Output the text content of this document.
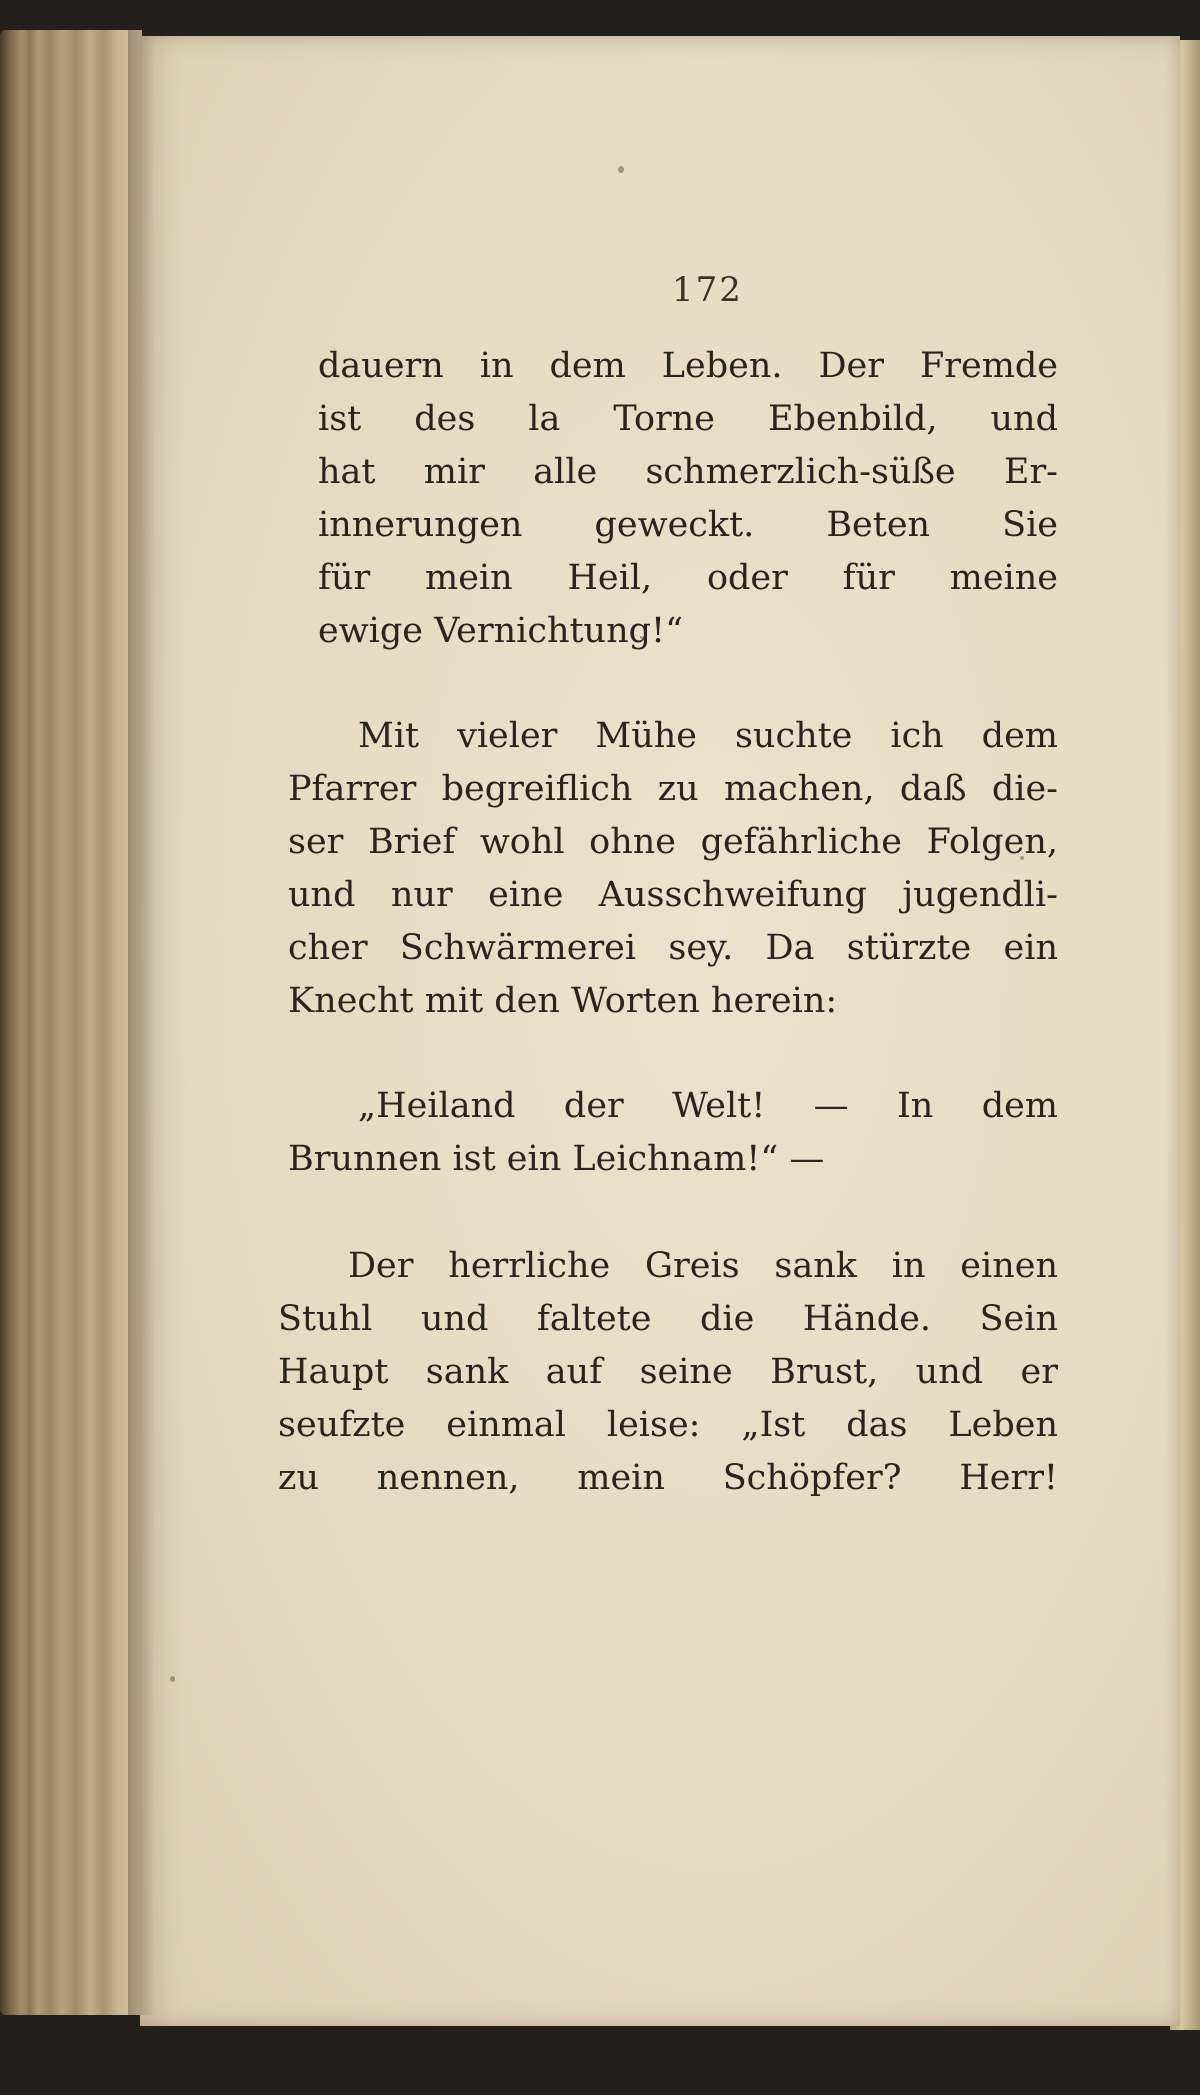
172
dauern in dem Leben. Der Fremde
ist des la Torne Ebenbild, und
hat mir alle schmerzlich-süße Er-
innerungen geweckt. Beten Sie
für mein Heil, oder für meine
ewige Vernichtung!“
Mit vieler Mühe suchte ich dem
Pfarrer begreiflich zu machen, daß die-
ser Brief wohl ohne gefährliche Folgen,
und nur eine Ausschweifung jugendli-
cher Schwärmerei sey. Da stürzte ein
Knecht mit den Worten herein:
„Heiland der Welt! — In dem
Brunnen ist ein Leichnam!“ —
Der herrliche Greis sank in einen
Stuhl und faltete die Hände. Sein
Haupt sank auf seine Brust, und er
seufzte einmal leise: „Ist das Leben
zu nennen, mein Schöpfer? Herr!
